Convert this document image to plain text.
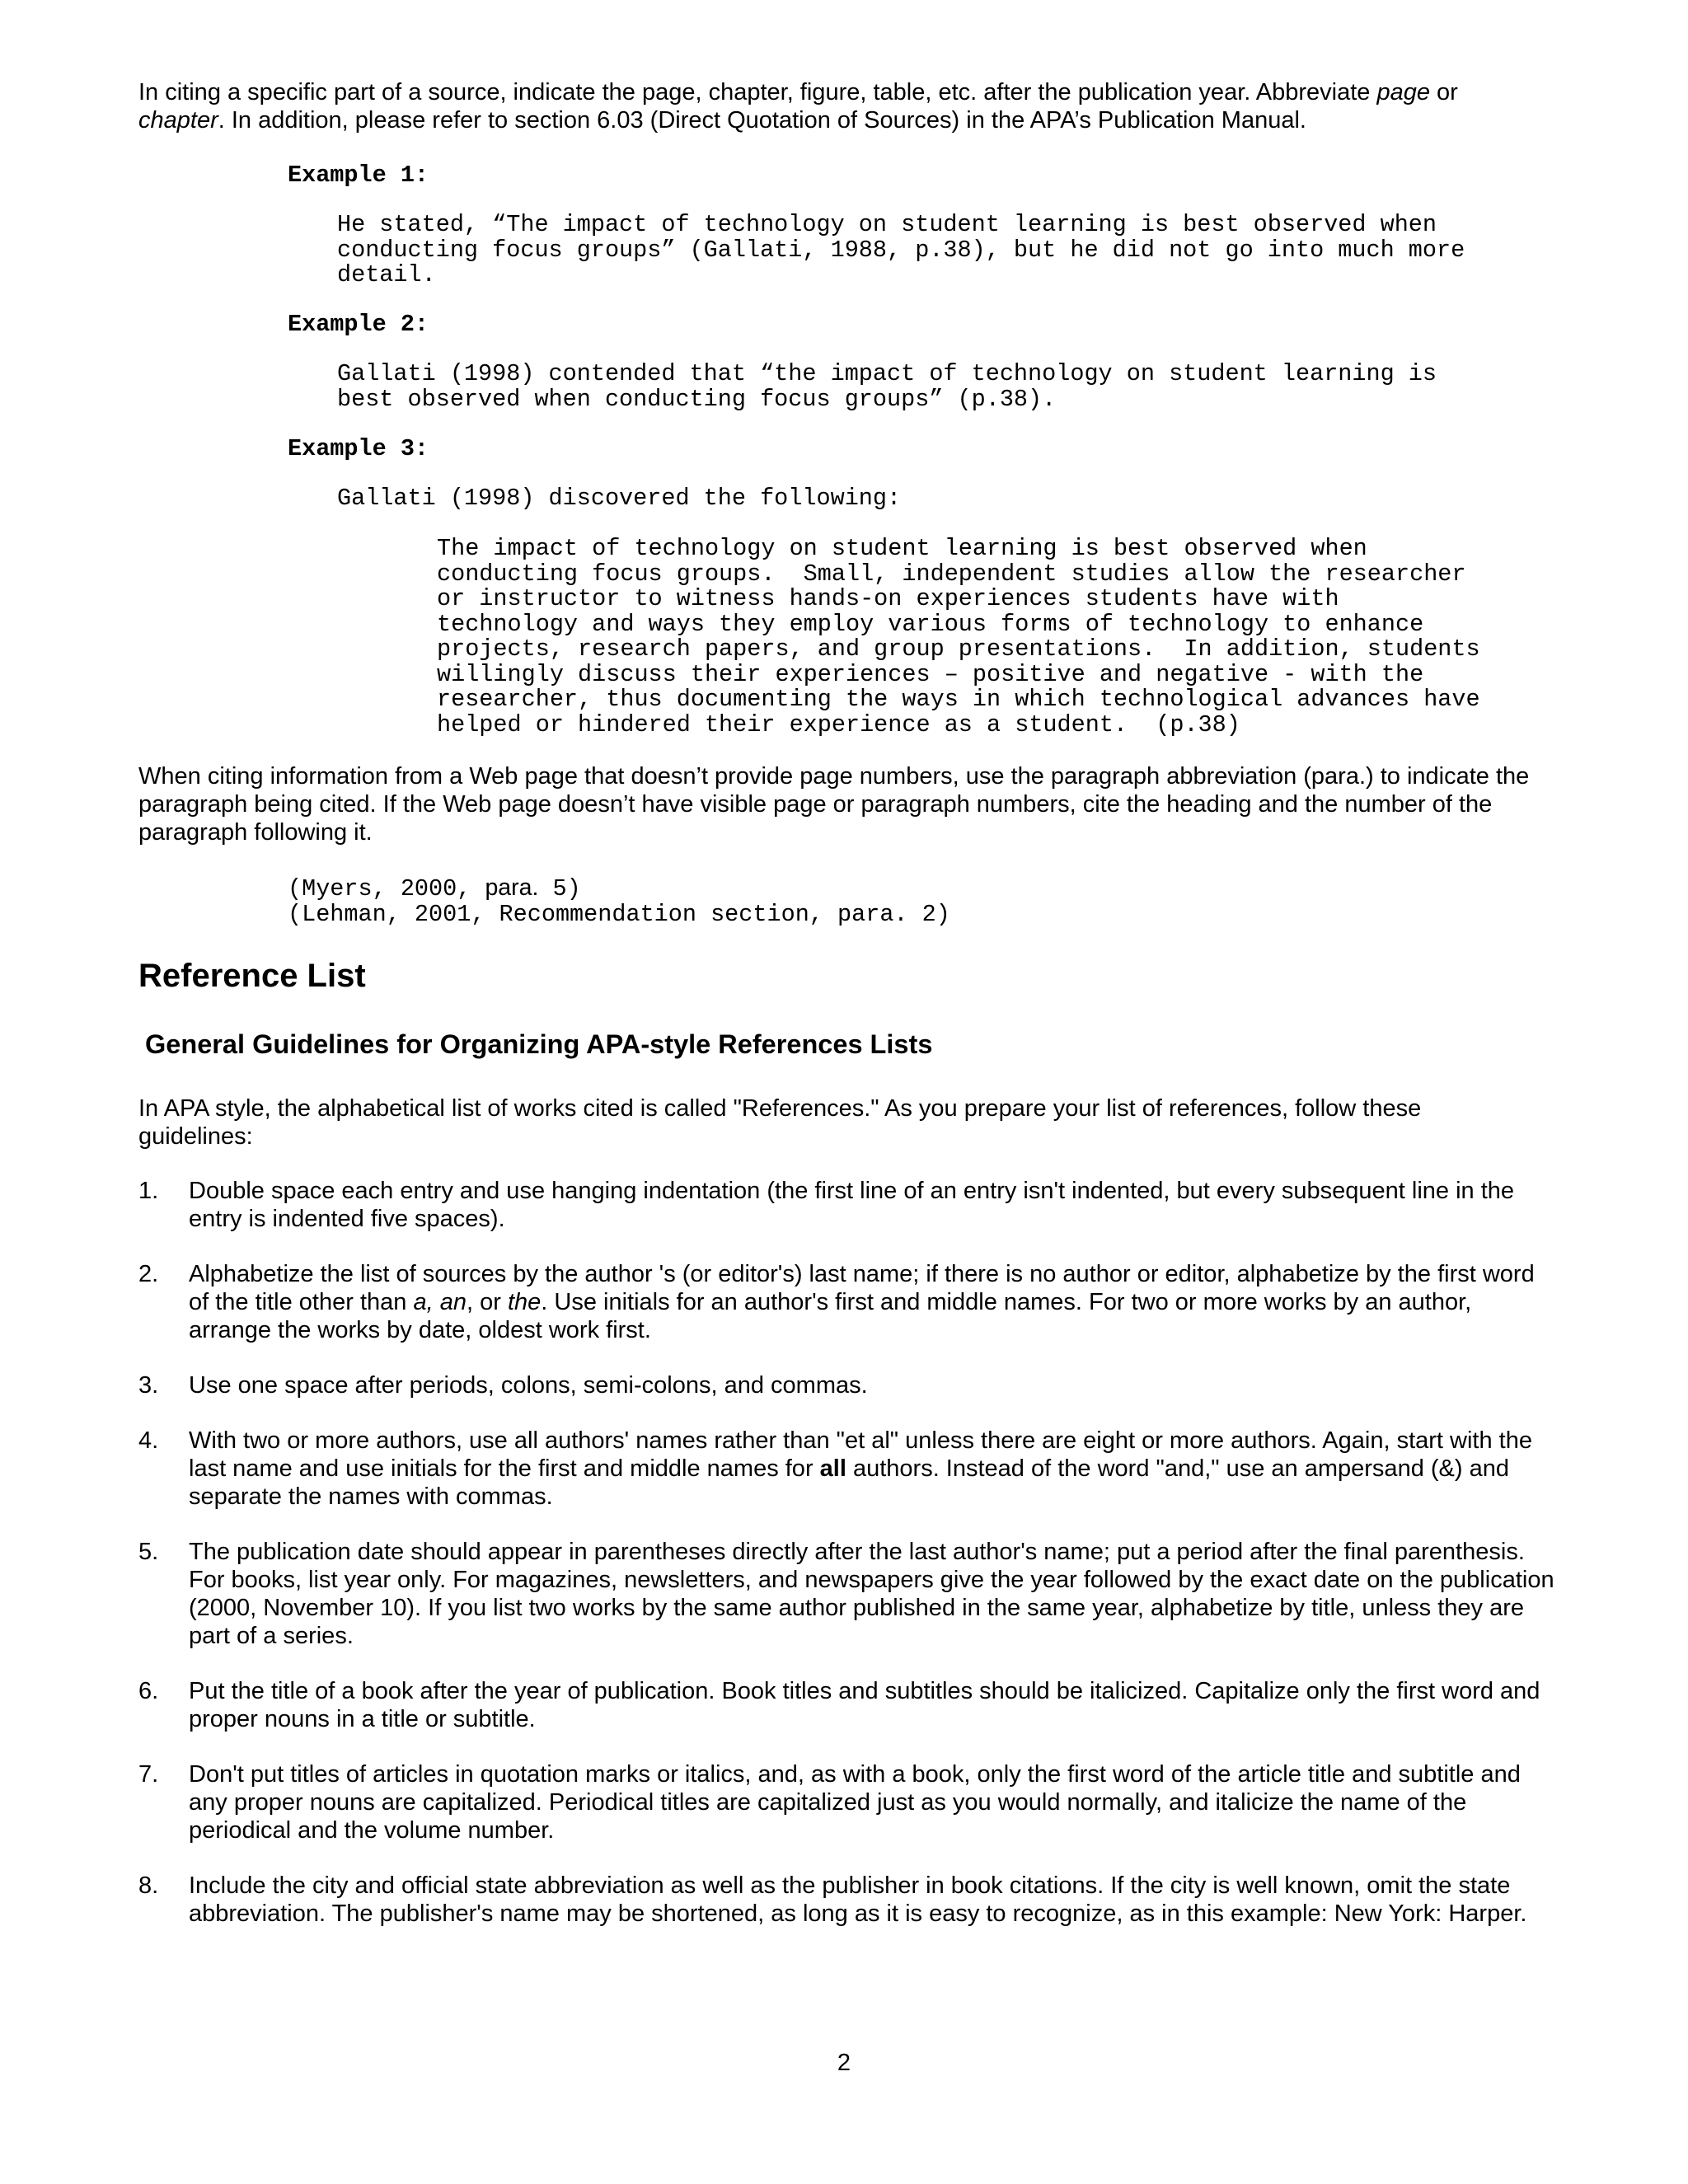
In citing a specific part of a source, indicate the page, chapter, figure, table, etc. after the publication year. Abbreviate page or chapter. In addition, please refer to section 6.03 (Direct Quotation of Sources) in the APA’s Publication Manual.
Example 1:
He stated, “The impact of technology on student learning is best observed when
conducting focus groups” (Gallati, 1988, p.38), but he did not go into much more
detail.
Example 2:
Gallati (1998) contended that “the impact of technology on student learning is
best observed when conducting focus groups” (p.38).
Example 3:
Gallati (1998) discovered the following:
The impact of technology on student learning is best observed when
conducting focus groups.  Small, independent studies allow the researcher
or instructor to witness hands-on experiences students have with
technology and ways they employ various forms of technology to enhance
projects, research papers, and group presentations.  In addition, students
willingly discuss their experiences – positive and negative - with the
researcher, thus documenting the ways in which technological advances have
helped or hindered their experience as a student.  (p.38)
When citing information from a Web page that doesn’t provide page numbers, use the paragraph abbreviation (para.) to indicate the paragraph being cited. If the Web page doesn’t have visible page or paragraph numbers, cite the heading and the number of the paragraph following it.
(Myers, 2000, para. 5)
(Lehman, 2001, Recommendation section, para. 2)
Reference List
General Guidelines for Organizing APA-style References Lists
In APA style, the alphabetical list of works cited is called "References." As you prepare your list of references, follow these guidelines:
1. Double space each entry and use hanging indentation (the first line of an entry isn't indented, but every subsequent line in the entry is indented five spaces).
2. Alphabetize the list of sources by the author 's (or editor's) last name; if there is no author or editor, alphabetize by the first word of the title other than a, an, or the. Use initials for an author's first and middle names. For two or more works by an author, arrange the works by date, oldest work first.
3. Use one space after periods, colons, semi-colons, and commas.
4. With two or more authors, use all authors' names rather than "et al" unless there are eight or more authors. Again, start with the last name and use initials for the first and middle names for all authors. Instead of the word "and," use an ampersand (&) and separate the names with commas.
5. The publication date should appear in parentheses directly after the last author's name; put a period after the final parenthesis. For books, list year only. For magazines, newsletters, and newspapers give the year followed by the exact date on the publication (2000, November 10). If you list two works by the same author published in the same year, alphabetize by title, unless they are part of a series.
6. Put the title of a book after the year of publication. Book titles and subtitles should be italicized. Capitalize only the first word and proper nouns in a title or subtitle.
7. Don't put titles of articles in quotation marks or italics, and, as with a book, only the first word of the article title and subtitle and any proper nouns are capitalized. Periodical titles are capitalized just as you would normally, and italicize the name of the periodical and the volume number.
8. Include the city and official state abbreviation as well as the publisher in book citations. If the city is well known, omit the state abbreviation. The publisher's name may be shortened, as long as it is easy to recognize, as in this example: New York: Harper.
2
